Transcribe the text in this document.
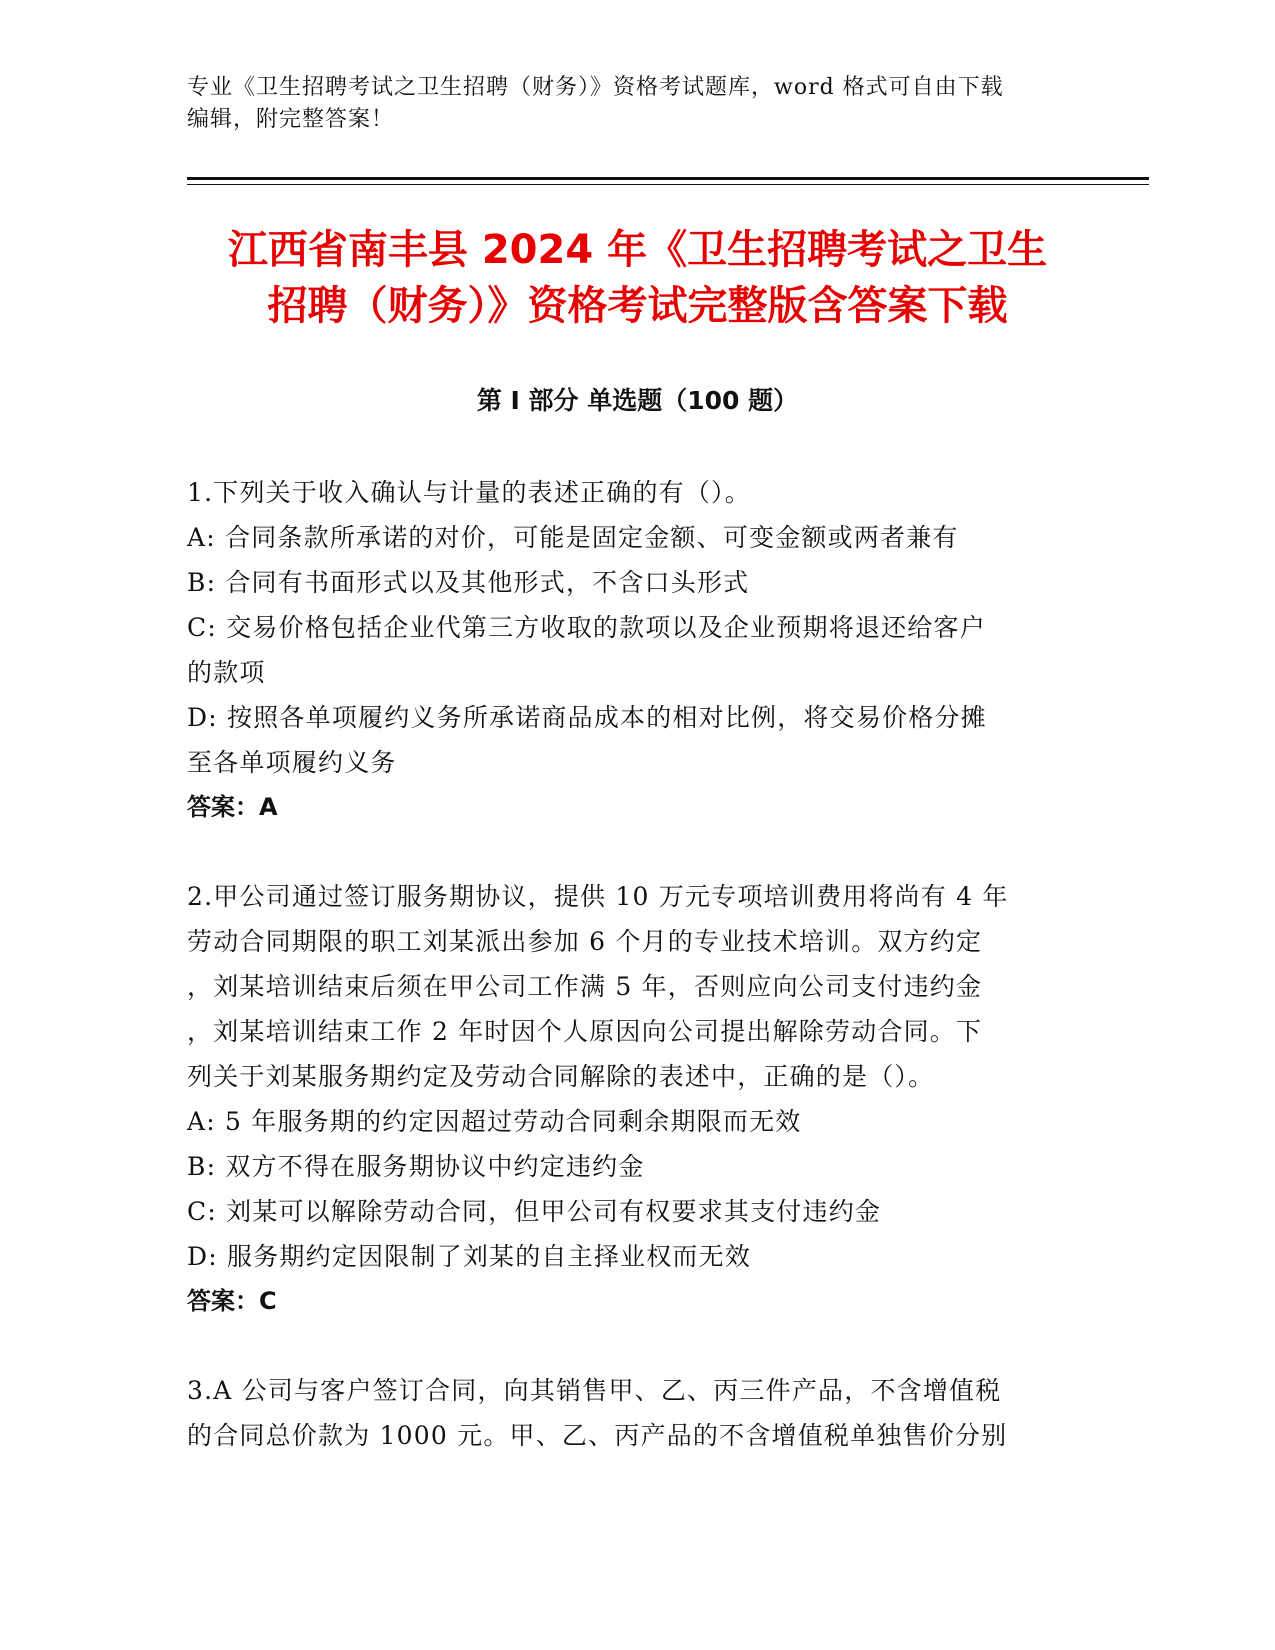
专业《卫生招聘考试之卫生招聘（财务）》资格考试题库，word 格式可自由下载
编辑，附完整答案！
江西省南丰县 2024 年《卫生招聘考试之卫生
招聘（财务）》资格考试完整版含答案下载
第 I 部分 单选题（100 题）

1.下列关于收入确认与计量的表述正确的有（）。

A: 合同条款所承诺的对价，可能是固定金额、可变金额或两者兼有

B: 合同有书面形式以及其他形式，不含口头形式

C: 交易价格包括企业代第三方收取的款项以及企业预期将退还给客户

的款项

D: 按照各单项履约义务所承诺商品成本的相对比例，将交易价格分摊

至各单项履约义务

答案：A

2.甲公司通过签订服务期协议，提供 10 万元专项培训费用将尚有 4 年

劳动合同期限的职工刘某派出参加 6 个月的专业技术培训。双方约定

，刘某培训结束后须在甲公司工作满 5 年，否则应向公司支付违约金

，刘某培训结束工作 2 年时因个人原因向公司提出解除劳动合同。下

列关于刘某服务期约定及劳动合同解除的表述中，正确的是（）。

A: 5 年服务期的约定因超过劳动合同剩余期限而无效

B: 双方不得在服务期协议中约定违约金

C: 刘某可以解除劳动合同，但甲公司有权要求其支付违约金

D: 服务期约定因限制了刘某的自主择业权而无效

答案：C

3.A 公司与客户签订合同，向其销售甲、乙、丙三件产品，不含增值税

的合同总价款为 1000 元。甲、乙、丙产品的不含增值税单独售价分别
